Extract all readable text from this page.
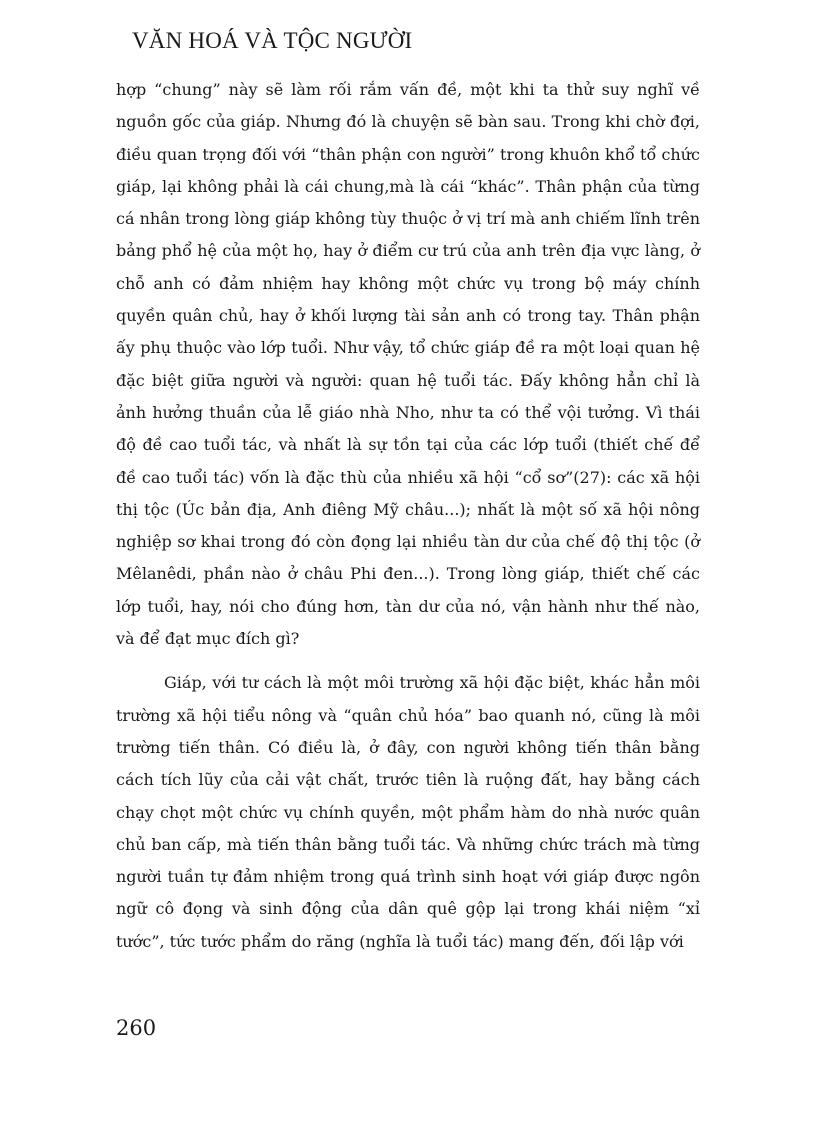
VĂN HOÁ VÀ TỘC NGƯỜI

hợp “chung” này sẽ làm rối rắm vấn đề, một khi ta thử suy nghĩ về nguồn gốc của giáp. Nhưng đó là chuyện sẽ bàn sau. Trong khi chờ đợi, điều quan trọng đối với “thân phận con người” trong khuôn khổ tổ chức giáp, lại không phải là cái chung,mà là cái “khác”. Thân phận của từng cá nhân trong lòng giáp không tùy thuộc ở vị trí mà anh chiếm lĩnh trên bảng phổ hệ của một họ, hay ở điểm cư trú của anh trên địa vực làng, ở chỗ anh có đảm nhiệm hay không một chức vụ trong bộ máy chính quyền quân chủ, hay ở khối lượng tài sản anh có trong tay. Thân phận ấy phụ thuộc vào lớp tuổi. Như vậy, tổ chức giáp đề ra một loại quan hệ đặc biệt giữa người và người: quan hệ tuổi tác. Đấy không hẳn chỉ là ảnh hưởng thuần của lễ giáo nhà Nho, như ta có thể vội tưởng. Vì thái độ đề cao tuổi tác, và nhất là sự tồn tại của các lớp tuổi (thiết chế để đề cao tuổi tác) vốn là đặc thù của nhiều xã hội “cổ sơ”(27): các xã hội thị tộc (Úc bản địa, Anh điêng Mỹ châu...); nhất là một số xã hội nông nghiệp sơ khai trong đó còn đọng lại nhiều tàn dư của chế độ thị tộc (ở Mêlanêdi, phần nào ở châu Phi đen...). Trong lòng giáp, thiết chế các lớp tuổi, hay, nói cho đúng hơn, tàn dư của nó, vận hành như thế nào, và để đạt mục đích gì?

Giáp, với tư cách là một môi trường xã hội đặc biệt, khác hẳn môi trường xã hội tiểu nông và “quân chủ hóa” bao quanh nó, cũng là môi trường tiến thân. Có điều là, ở đây, con người không tiến thân bằng cách tích lũy của cải vật chất, trước tiên là ruộng đất, hay bằng cách chạy chọt một chức vụ chính quyền, một phẩm hàm do nhà nước quân chủ ban cấp, mà tiến thân bằng tuổi tác. Và những chức trách mà từng người tuần tự đảm nhiệm trong quá trình sinh hoạt với giáp được ngôn ngữ cô đọng và sinh động của dân quê gộp lại trong khái niệm “xỉ tước”, tức tước phẩm do răng (nghĩa là tuổi tác) mang đến, đối lập với

260
